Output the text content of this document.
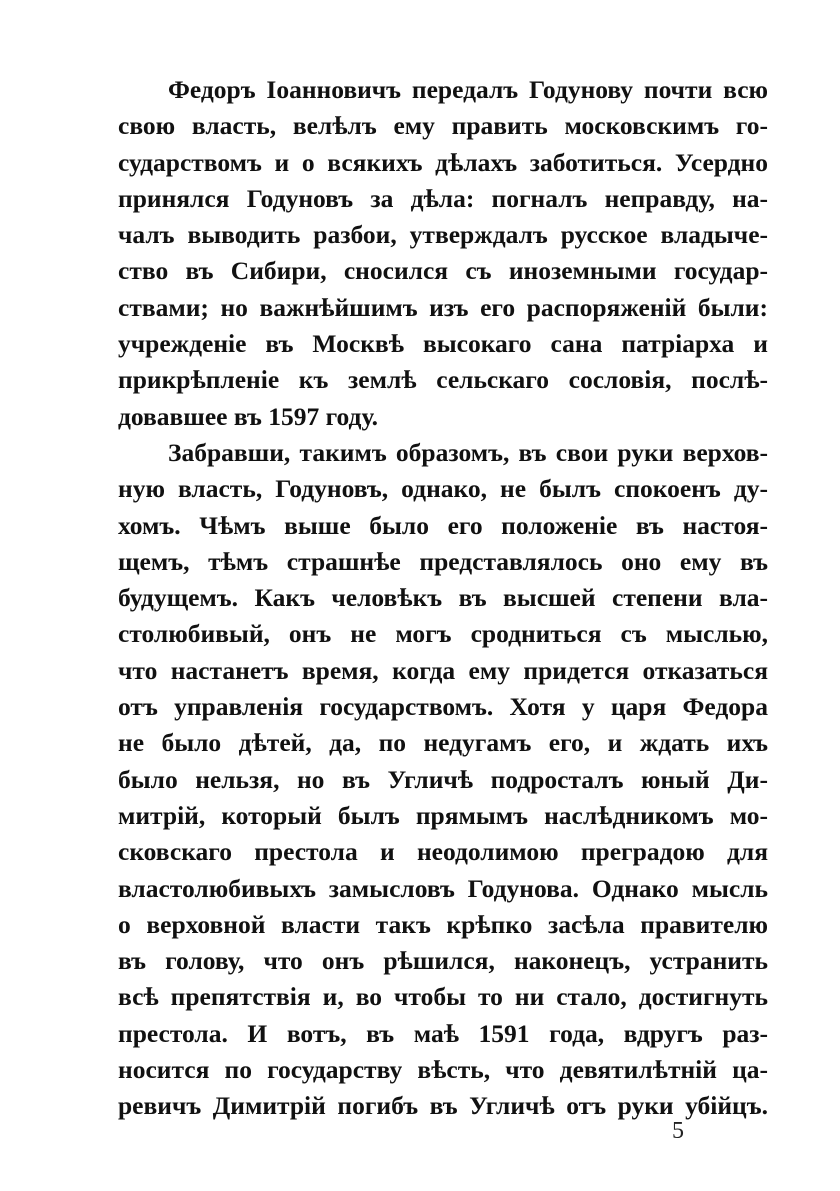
Федоръ Іоанновичъ передалъ Годунову почти всю
свою власть, велѣлъ ему править московскимъ го-
сударствомъ и о всякихъ дѣлахъ заботиться. Усердно
принялся Годуновъ за дѣла: погналъ неправду, на-
чалъ выводить разбои, утверждалъ русское владыче-
ство въ Сибири, сносился съ иноземными государ-
ствами; но важнѣйшимъ изъ его распоряженій были:
учрежденіе въ Москвѣ высокаго сана патріарха и
прикрѣпленіе къ землѣ сельскаго сословія, послѣ-
довавшее въ 1597 году.
Забравши, такимъ образомъ, въ свои руки верхов-
ную власть, Годуновъ, однако, не былъ спокоенъ ду-
хомъ. Чѣмъ выше было его положеніе въ настоя-
щемъ, тѣмъ страшнѣе представлялось оно ему въ
будущемъ. Какъ человѣкъ въ высшей степени вла-
столюбивый, онъ не могъ сродниться съ мыслью,
что настанетъ время, когда ему придется отказаться
отъ управленія государствомъ. Хотя у царя Федора
не было дѣтей, да, по недугамъ его, и ждать ихъ
было нельзя, но въ Угличѣ подросталъ юный Ди-
митрій, который былъ прямымъ наслѣдникомъ мо-
сковскаго престола и неодолимою преградою для
властолюбивыхъ замысловъ Годунова. Однако мысль
о верховной власти такъ крѣпко засѣла правителю
въ голову, что онъ рѣшился, наконецъ, устранить
всѣ препятствія и, во чтобы то ни стало, достигнуть
престола. И вотъ, въ маѣ 1591 года, вдругъ раз-
носится по государству вѣсть, что девятилѣтній ца-
ревичъ Димитрій погибъ въ Угличѣ отъ руки убійцъ.
5
